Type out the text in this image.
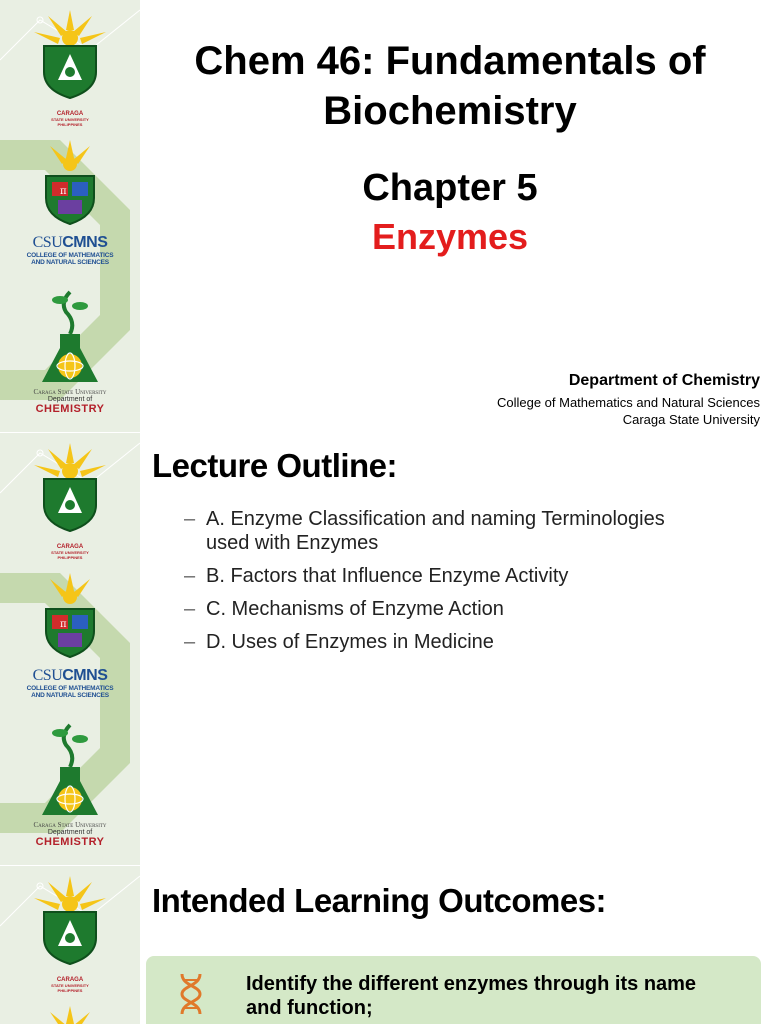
CARAGA
STATE UNIVERSITY
PHILIPPINES
π
CSUCMNS
COLLEGE OF MATHEMATICS
AND NATURAL SCIENCES
Caraga State University
Department of
CHEMISTRY
Chem 46: Fundamentals of
Biochemistry
Chapter 5
Enzymes
Department of Chemistry
College of Mathematics and Natural Sciences
Caraga State University
CARAGA
STATE UNIVERSITY
PHILIPPINES
π
CSUCMNS
COLLEGE OF MATHEMATICS
AND NATURAL SCIENCES
Caraga State University
Department of
CHEMISTRY
Lecture Outline:
– A. Enzyme Classification and naming Terminologies used with Enzymes
– B. Factors that Influence Enzyme Activity
– C. Mechanisms of Enzyme Action
– D. Uses of Enzymes in Medicine
CARAGA
STATE UNIVERSITY
PHILIPPINES
Intended Learning Outcomes:
Identify the different enzymes through its name and function;
